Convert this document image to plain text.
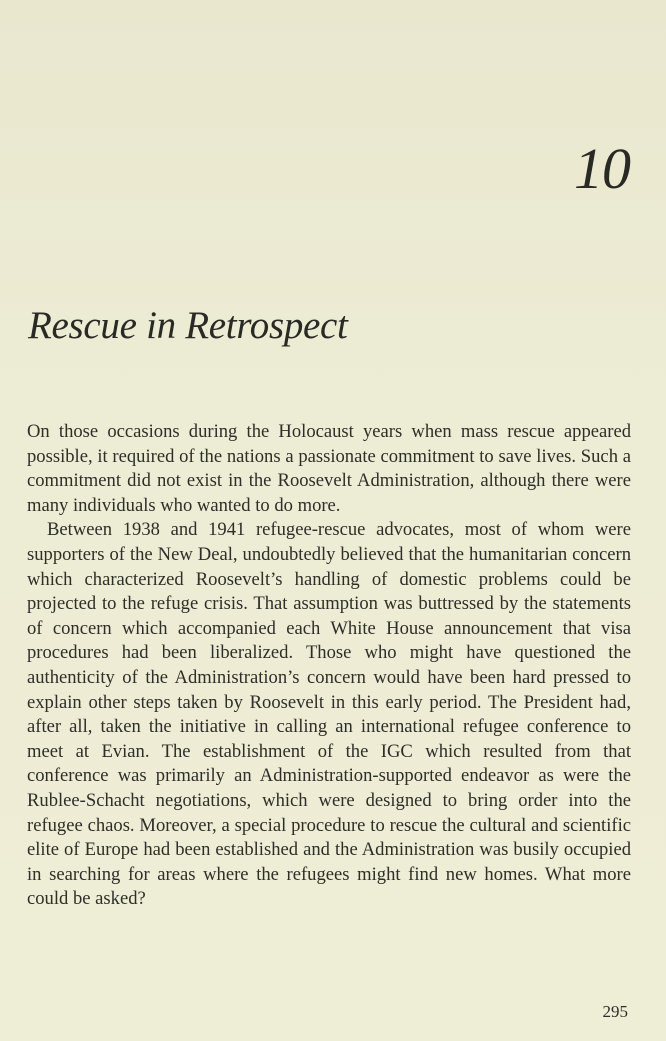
10
Rescue in Retrospect

On those occasions during the Holocaust years when mass rescue appeared possible, it required of the nations a passionate commitment to save lives. Such a commitment did not exist in the Roosevelt Administration, although there were many individuals who wanted to do more.

Between 1938 and 1941 refugee-rescue advocates, most of whom were supporters of the New Deal, undoubtedly believed that the humanitarian concern which characterized Roosevelt’s handling of domestic problems could be projected to the refuge crisis. That assumption was buttressed by the statements of concern which accompanied each White House announcement that visa procedures had been liberalized. Those who might have questioned the authenticity of the Administration’s concern would have been hard pressed to explain other steps taken by Roosevelt in this early period. The President had, after all, taken the initiative in calling an international refugee conference to meet at Evian. The establishment of the IGC which resulted from that conference was primarily an Administration-supported endeavor as were the Rublee-Schacht negotiations, which were designed to bring order into the refugee chaos. Moreover, a special procedure to rescue the cultural and scientific elite of Europe had been established and the Administration was busily occupied in searching for areas where the refugees might find new homes. What more could be asked?

295
